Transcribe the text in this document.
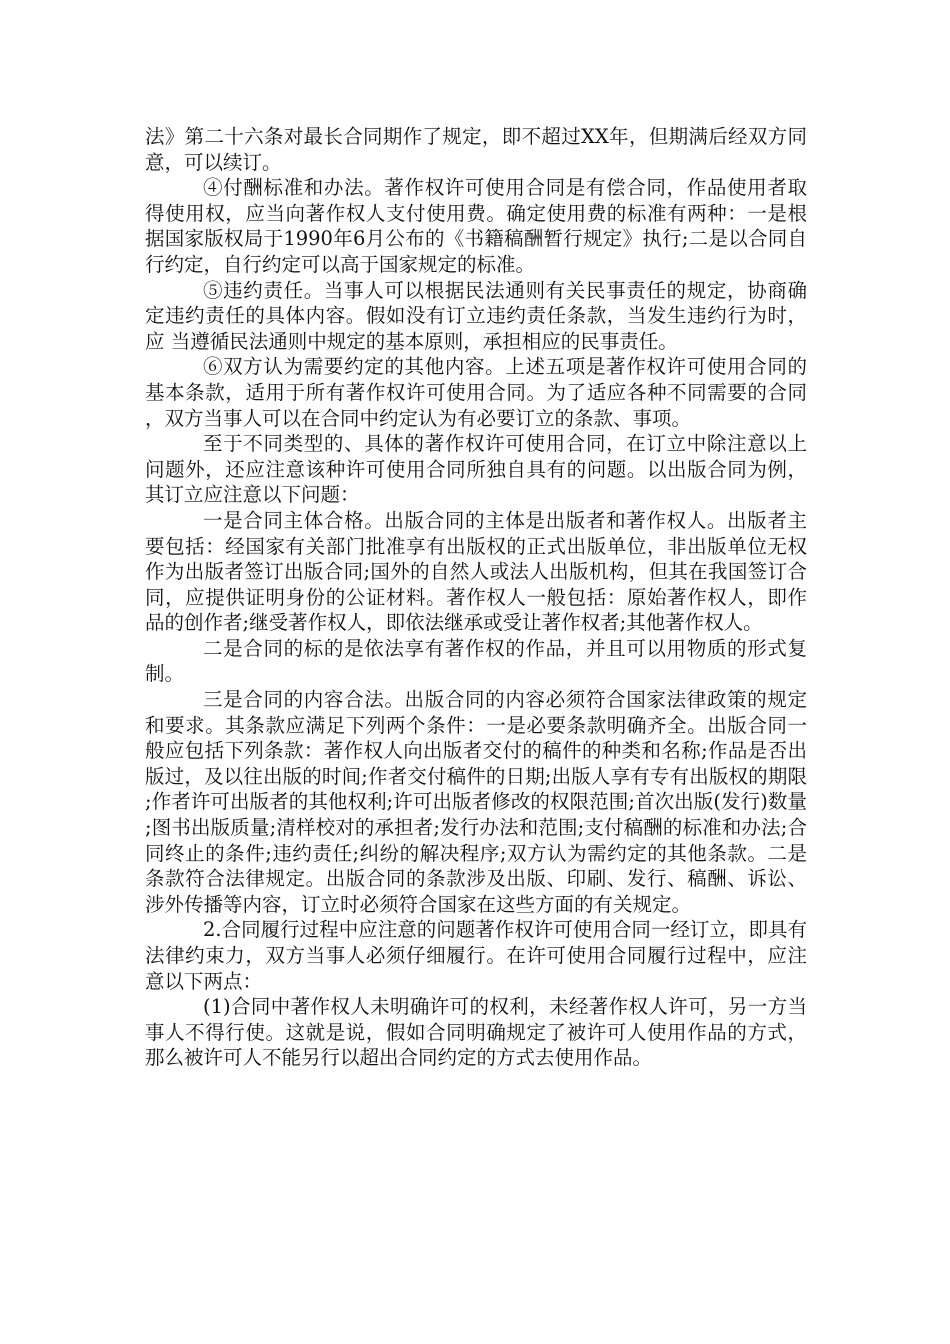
法》第二十六条对最长合同期作了规定，即不超过XX年，但期满后经双方同意，可以续订。

④付酬标准和办法。著作权许可使用合同是有偿合同，作品使用者取得使用权，应当向著作权人支付使用费。确定使用费的标准有两种：一是根据国家版权局于1990年6月公布的《书籍稿酬暂行规定》执行;二是以合同自行约定，自行约定可以高于国家规定的标准。

⑤违约责任。当事人可以根据民法通则有关民事责任的规定，协商确定违约责任的具体内容。假如没有订立违约责任条款，当发生违约行为时，应 当遵循民法通则中规定的基本原则，承担相应的民事责任。

⑥双方认为需要约定的其他内容。上述五项是著作权许可使用合同的基本条款，适用于所有著作权许可使用合同。为了适应各种不同需要的合同，双方当事人可以在合同中约定认为有必要订立的条款、事项。

至于不同类型的、具体的著作权许可使用合同，在订立中除注意以上问题外，还应注意该种许可使用合同所独自具有的问题。以出版合同为例，其订立应注意以下问题：

一是合同主体合格。出版合同的主体是出版者和著作权人。出版者主要包括：经国家有关部门批准享有出版权的正式出版单位，非出版单位无权作为出版者签订出版合同;国外的自然人或法人出版机构，但其在我国签订合同，应提供证明身份的公证材料。著作权人一般包括：原始著作权人，即作品的创作者;继受著作权人，即依法继承或受让著作权者;其他著作权人。

二是合同的标的是依法享有著作权的作品，并且可以用物质的形式复制。

三是合同的内容合法。出版合同的内容必须符合国家法律政策的规定和要求。其条款应满足下列两个条件：一是必要条款明确齐全。出版合同一般应包括下列条款：著作权人向出版者交付的稿件的种类和名称;作品是否出版过，及以往出版的时间;作者交付稿件的日期;出版人享有专有出版权的期限;作者许可出版者的其他权利;许可出版者修改的权限范围;首次出版(发行)数量;图书出版质量;清样校对的承担者;发行办法和范围;支付稿酬的标准和办法;合同终止的条件;违约责任;纠纷的解决程序;双方认为需约定的其他条款。二是条款符合法律规定。出版合同的条款涉及出版、印刷、发行、稿酬、诉讼、涉外传播等内容，订立时必须符合国家在这些方面的有关规定。

2.合同履行过程中应注意的问题著作权许可使用合同一经订立，即具有法律约束力，双方当事人必须仔细履行。在许可使用合同履行过程中，应注意以下两点：

(1)合同中著作权人未明确许可的权利，未经著作权人许可，另一方当事人不得行使。这就是说，假如合同明确规定了被许可人使用作品的方式，那么被许可人不能另行以超出合同约定的方式去使用作品。
